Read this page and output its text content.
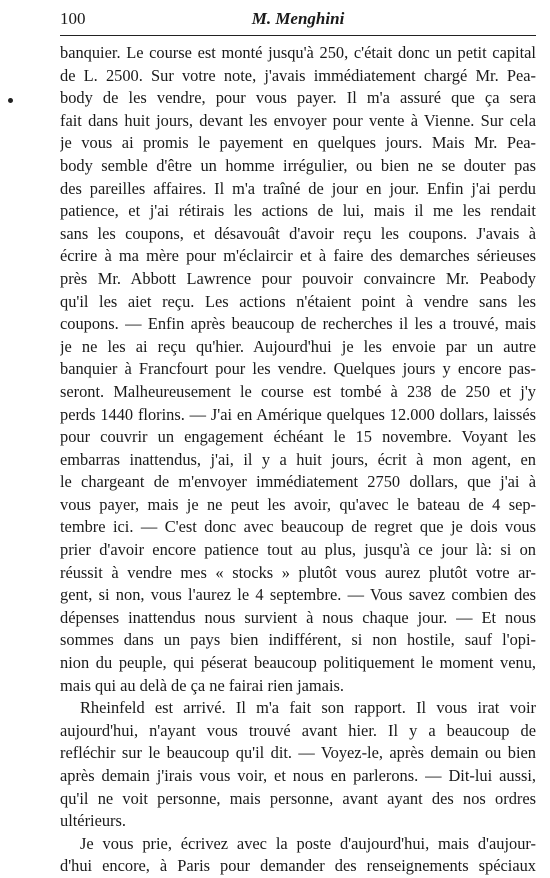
100	M. Menghini
banquier. Le course est monté jusqu'à 250, c'était donc un petit capital
de L. 2500. Sur votre note, j'avais immédiatement chargé Mr. Pea-
body de les vendre, pour vous payer. Il m'a assuré que ça sera
fait dans huit jours, devant les envoyer pour vente à Vienne. Sur cela
je vous ai promis le payement en quelques jours. Mais Mr. Pea-
body semble d'être un homme irrégulier, ou bien ne se douter pas
des pareilles affaires. Il m'a traîné de jour en jour. Enfin j'ai perdu
patience, et j'ai rétirais les actions de lui, mais il me les rendait
sans les coupons, et désavouât d'avoir reçu les coupons. J'avais à
écrire à ma mère pour m'éclaircir et à faire des demarches sérieuses
près Mr. Abbott Lawrence pour pouvoir convaincre Mr. Peabody
qu'il les aiet reçu. Les actions n'étaient point à vendre sans les
coupons. — Enfin après beaucoup de recherches il les a trouvé, mais
je ne les ai reçu qu'hier. Aujourd'hui je les envoie par un autre
banquier à Francfourt pour les vendre. Quelques jours y encore pas-
seront. Malheureusement le course est tombé à 238 de 250 et j'y
perds 1440 florins. — J'ai en Amérique quelques 12.000 dollars, laissés
pour couvrir un engagement échéant le 15 novembre. Voyant les
embarras inattendus, j'ai, il y a huit jours, écrit à mon agent, en
le chargeant de m'envoyer immédiatement 2750 dollars, que j'ai à
vous payer, mais je ne peut les avoir, qu'avec le bateau de 4 sep-
tembre ici. — C'est donc avec beaucoup de regret que je dois vous
prier d'avoir encore patience tout au plus, jusqu'à ce jour là: si on
réussit à vendre mes « stocks » plutôt vous aurez plutôt votre ar-
gent, si non, vous l'aurez le 4 septembre. — Vous savez combien des
dépenses inattendus nous survient à nous chaque jour. — Et nous
sommes dans un pays bien indifférent, si non hostile, sauf l'opi-
nion du peuple, qui péserat beaucoup politiquement le moment venu,
mais qui au delà de ça ne fairai rien jamais.
Rheinfeld est arrivé. Il m'a fait son rapport. Il vous irat voir
aujourd'hui, n'ayant vous trouvé avant hier. Il y a beaucoup de
refléchir sur le beaucoup qu'il dit. — Voyez-le, après demain ou bien
après demain j'irais vous voir, et nous en parlerons. — Dit-lui aussi,
qu'il ne voit personne, mais personne, avant ayant des nos ordres
ultérieurs.
Je vous prie, écrivez avec la poste d'aujourd'hui, mais d'aujour-
d'hui encore, à Paris pour demander des renseignements spéciaux
